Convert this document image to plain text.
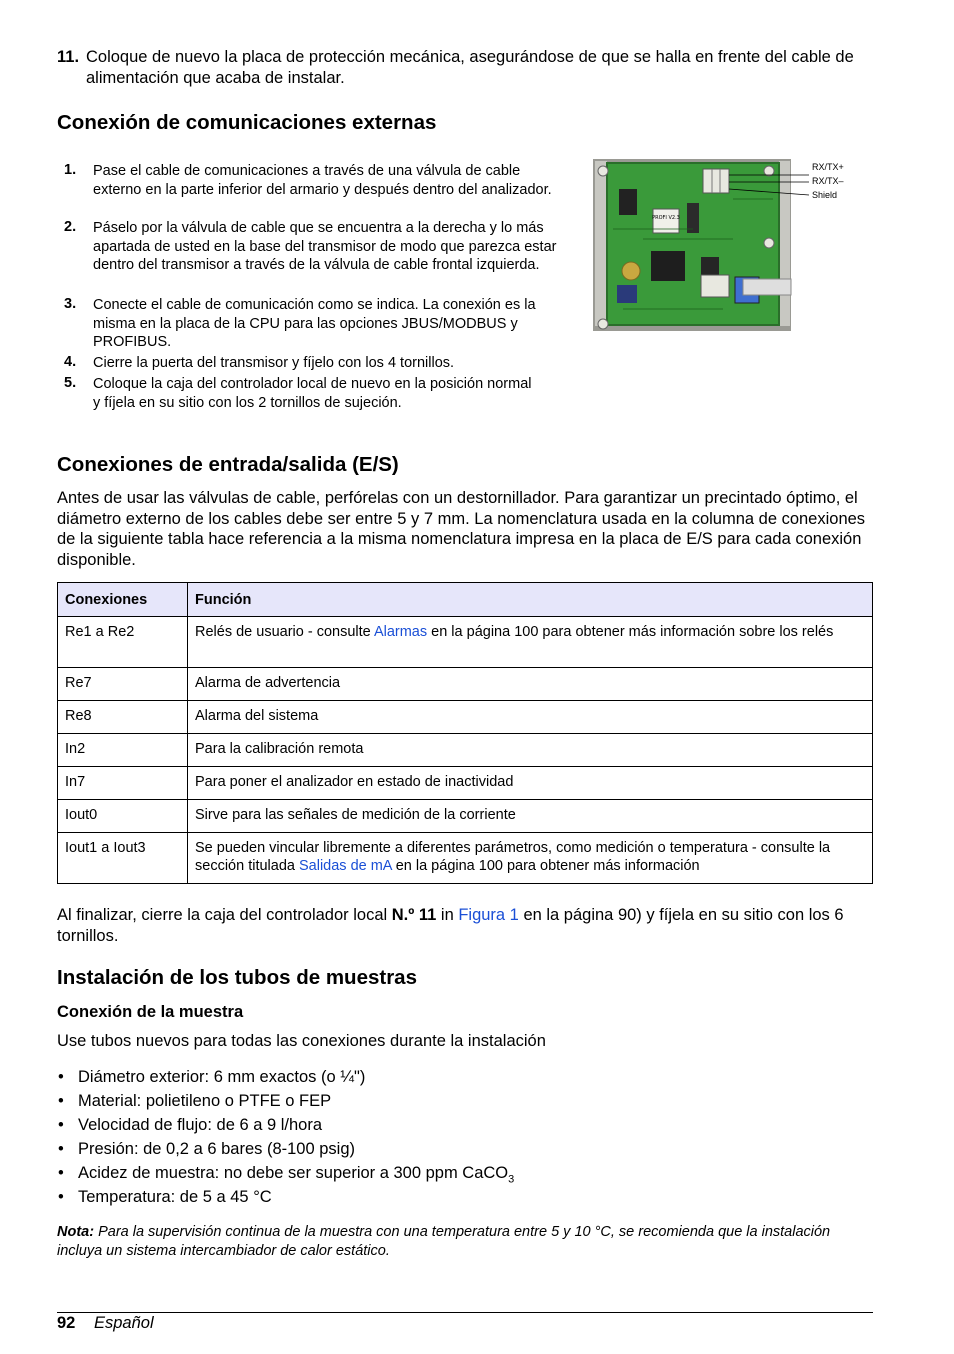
11. Coloque de nuevo la placa de protección mecánica, asegurándose de que se halla en frente del cable de alimentación que acaba de instalar.
Conexión de comunicaciones externas
1. Pase el cable de comunicaciones a través de una válvula de cable externo en la parte inferior del armario y después dentro del analizador.
2. Páselo por la válvula de cable que se encuentra a la derecha y lo más apartada de usted en la base del transmisor de modo que parezca estar dentro del transmisor a través de la válvula de cable frontal izquierda.
3. Conecte el cable de comunicación como se indica. La conexión es la misma en la placa de la CPU para las opciones JBUS/MODBUS y PROFIBUS.
4. Cierre la puerta del transmisor y fíjelo con los 4 tornillos.
5. Coloque la caja del controlador local de nuevo en la posición normal y fíjela en su sitio con los 2 tornillos de sujeción.
PROFI V2.3
RX/TX+
RX/TX–
Shield
Conexiones de entrada/salida (E/S)
Antes de usar las válvulas de cable, perfórelas con un destornillador. Para garantizar un precintado óptimo, el diámetro externo de los cables debe ser entre 5 y 7 mm. La nomenclatura usada en la columna de conexiones de la siguiente tabla hace referencia a la misma nomenclatura impresa en la placa de E/S para cada conexión disponible.
Conexiones	Función
Re1 a Re2	Relés de usuario - consulte Alarmas en la página 100 para obtener más información sobre los relés
Re7	Alarma de advertencia
Re8	Alarma del sistema
In2	Para la calibración remota
In7	Para poner el analizador en estado de inactividad
Iout0	Sirve para las señales de medición de la corriente
Iout1 a Iout3	Se pueden vincular libremente a diferentes parámetros, como medición o temperatura - consulte la sección titulada Salidas de mA en la página 100 para obtener más información
Al finalizar, cierre la caja del controlador local N.º 11 in Figura 1 en la página 90) y fíjela en su sitio con los 6 tornillos.
Instalación de los tubos de muestras
Conexión de la muestra
Use tubos nuevos para todas las conexiones durante la instalación
• Diámetro exterior: 6 mm exactos (o ¼")
• Material: polietileno o PTFE o FEP
• Velocidad de flujo: de 6 a 9 l/hora
• Presión: de 0,2 a 6 bares (8-100 psig)
• Acidez de muestra: no debe ser superior a 300 ppm CaCO$_3$
• Temperatura: de 5 a 45 °C
Nota: Para la supervisión continua de la muestra con una temperatura entre 5 y 10 °C, se recomienda que la instalación incluya un sistema intercambiador de calor estático.
92 Español
